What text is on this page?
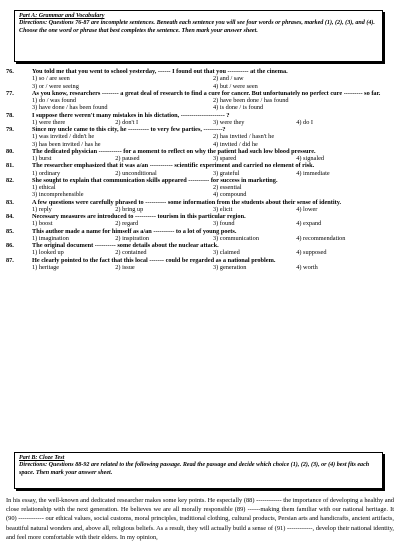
Part A: Grammar and Vocabulary
Directions: Questions 76-87 are incomplete sentences. Beneath each sentence you will see four words or phrases, marked (1), (2), (3), and (4). Choose the one word or phrase that best completes the sentence. Then mark your answer sheet.
76.	You told me that you went to school yesterday, ------ I found out that you ---------- at the cinema.
1) so / are seen	2) and / saw
3) or / were seeing	4) but / were seen
77.	As you know, researchers -------- a great deal of research to find a cure for cancer. But unfortunately no perfect cure --------- so far.
1) do / was found	2) have been done / has found
3) have done / has been found	4) is done / is found
78.	I suppose there weren't many mistakes in his dictation, --------------------- ?
1) were there	2) don't I	3) were they	4) do I
79.	Since my uncle came to this city, he ---------- to very few parties, ---------?
1) was invited / didn't he	2) has invited / hasn't he
3) has been invited / has he	4) invited / did he
80.	The dedicated physician ----------- for a moment to reflect on why the patient had such low blood pressure.
1) burst	2) paused	3) spared	4) signaled
81.	The researcher emphasized that it was a/an ----------- scientific experiment and carried no element of risk.
1) ordinary	2) unconditional	3) grateful	4) immediate
82.	She sought to explain that communication skills appeared ---------- for success in marketing.
1) ethical	2) essential
3) incomprehensible	4) compound
83.	A few questions were carefully phrased to ---------- some information from the students about their sense of identity.
1) reply	2) bring up	3) elicit	4) lower
84.	Necessary measures are introduced to ---------- tourism in this particular region.
1) boost	2) regard	3) found	4) expand
85.	This author made a name for himself as a/an ---------- to a lot of young poets.
1) imagination	2) inspiration	3) communication	4) recommendation
86.	The original document ---------- some details about the nuclear attack.
1) looked up	2) contained	3) claimed	4) supposed
87.	He clearly pointed to the fact that this local ------- could be regarded as a national problem.
1) heritage	2) issue	3) generation	4) worth
Part B: Cloze Test
Directions: Questions 88-92 are related to the following passage. Read the passage and decide which choice (1), (2), (3), or (4) best fits each space. Then mark your answer sheet.
In his essay, the well-known and dedicated researcher makes some key points. He especially (88) ------------ the importance of developing a healthy and close relationship with the next generation. He believes we are all morally responsible (89) ------making them familiar with our national heritage. It (90) ------------ our ethical values, social customs, moral principles, traditional clothing, cultural products, Persian arts and handicrafts, ancient artifacts, beautiful natural wonders and, above all, religious beliefs. As a result, they will actually build a sense of (91) ------------, develop their national identity, and feel more comfortable with their elders. In my opinion,
